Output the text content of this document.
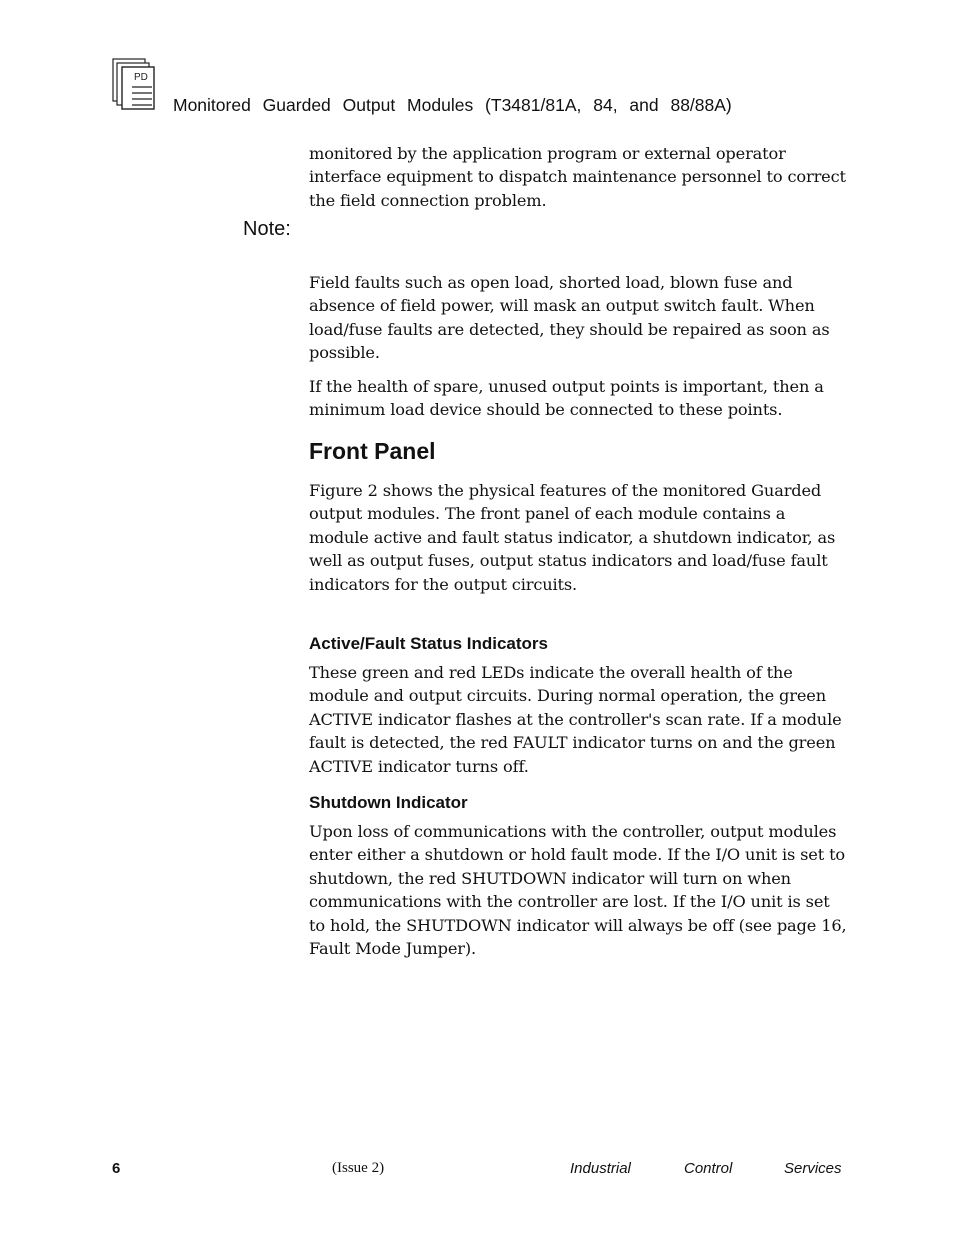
PD
Monitored Guarded Output Modules (T3481/81A, 84, and 88/88A)

monitored by the application program or external operator interface equipment to dispatch maintenance personnel to correct the field connection problem.

Note:

Field faults such as open load, shorted load, blown fuse and absence of field power, will mask an output switch fault. When load/fuse faults are detected, they should be repaired as soon as possible.

If the health of spare, unused output points is important, then a minimum load device should be connected to these points.

Front Panel

Figure 2 shows the physical features of the monitored Guarded output modules. The front panel of each module contains a module active and fault status indicator, a shutdown indicator, as well as output fuses, output status indicators and load/fuse fault indicators for the output circuits.

Active/Fault Status Indicators

These green and red LEDs indicate the overall health of the module and output circuits. During normal operation, the green ACTIVE indicator flashes at the controller's scan rate. If a module fault is detected, the red FAULT indicator turns on and the green ACTIVE indicator turns off.

Shutdown Indicator

Upon loss of communications with the controller, output modules enter either a shutdown or hold fault mode. If the I/O unit is set to shutdown, the red SHUTDOWN indicator will turn on when communications with the controller are lost. If the I/O unit is set to hold, the SHUTDOWN indicator will always be off (see page 16, Fault Mode Jumper).

6	(Issue 2)	Industrial	Control	Services
